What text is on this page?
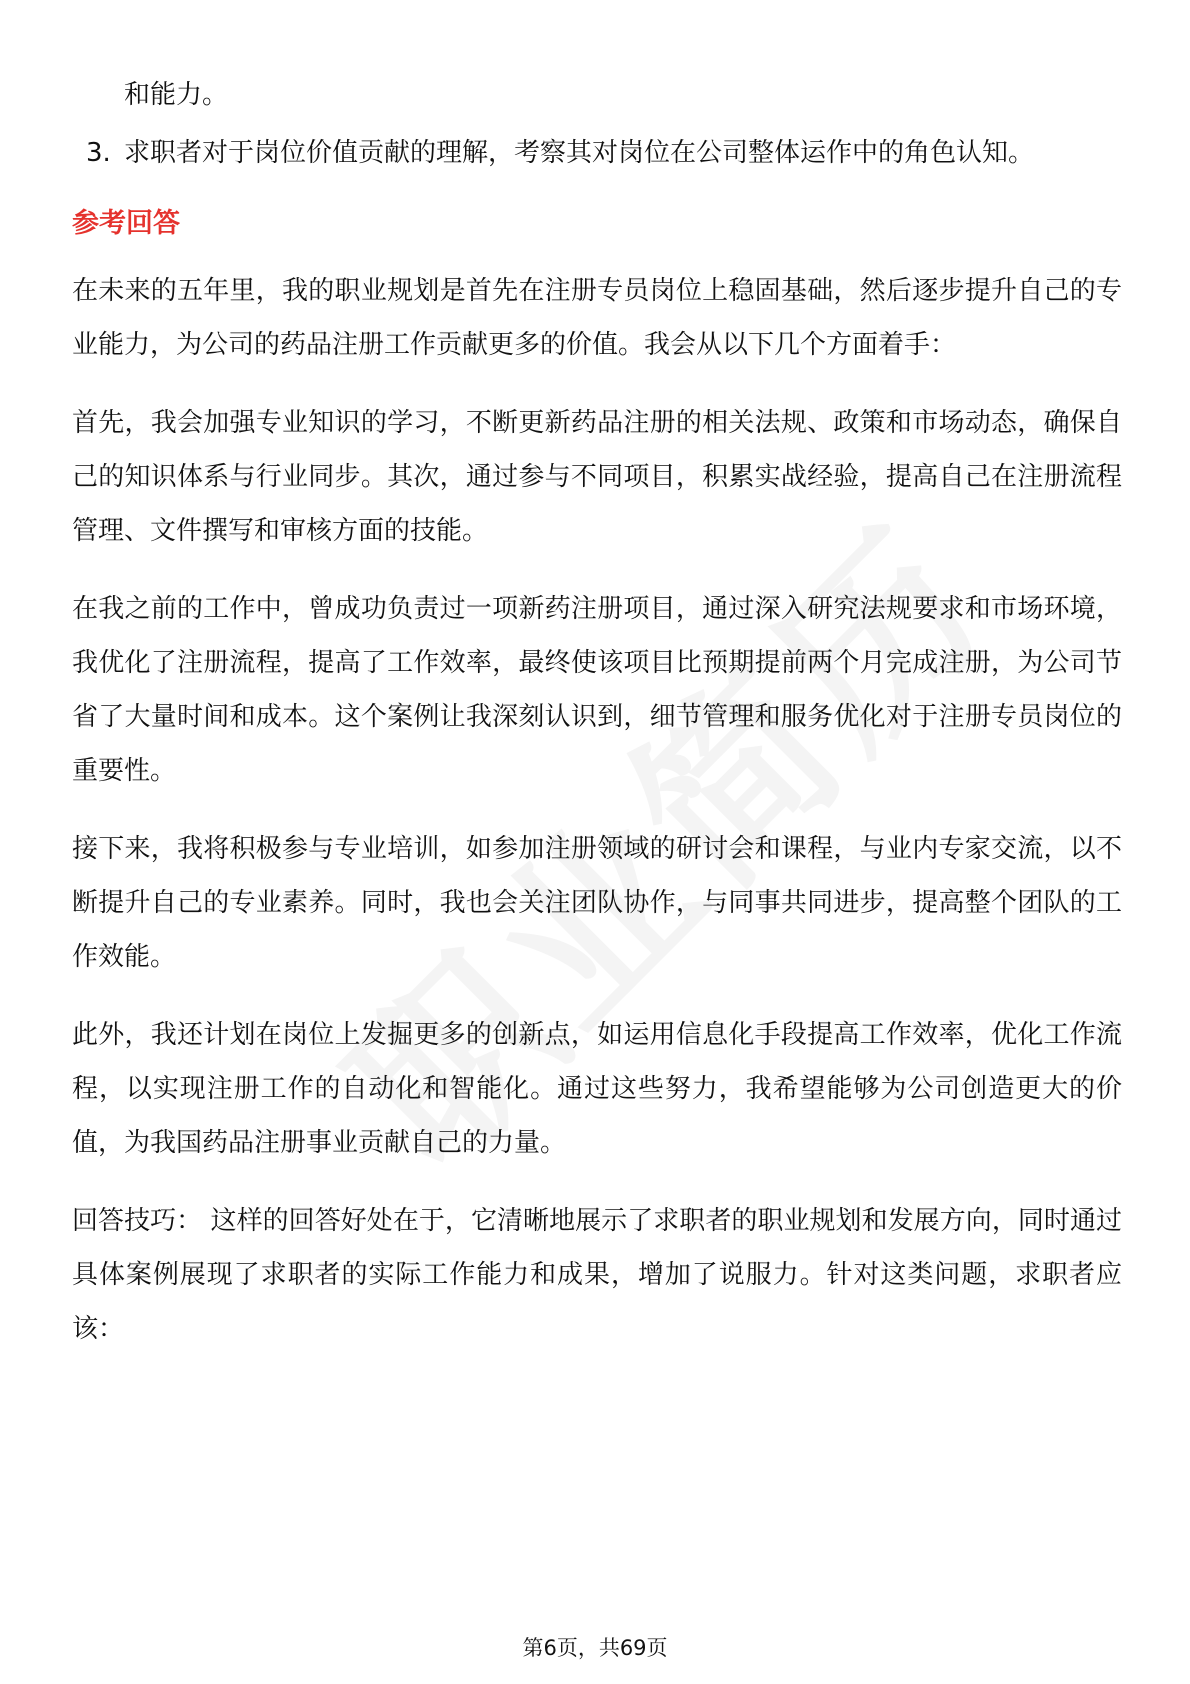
和能力。
3. 求职者对于岗位价值贡献的理解，考察其对岗位在公司整体运作中的角色认知。
参考回答
在未来的五年里，我的职业规划是首先在注册专员岗位上稳固基础，然后逐步提升自己的专业能力，为公司的药品注册工作贡献更多的价值。我会从以下几个方面着手：
首先，我会加强专业知识的学习，不断更新药品注册的相关法规、政策和市场动态，确保自己的知识体系与行业同步。其次，通过参与不同项目，积累实战经验，提高自己在注册流程管理、文件撰写和审核方面的技能。
在我之前的工作中，曾成功负责过一项新药注册项目，通过深入研究法规要求和市场环境，我优化了注册流程，提高了工作效率，最终使该项目比预期提前两个月完成注册，为公司节省了大量时间和成本。这个案例让我深刻认识到，细节管理和服务优化对于注册专员岗位的重要性。
接下来，我将积极参与专业培训，如参加注册领域的研讨会和课程，与业内专家交流，以不断提升自己的专业素养。同时，我也会关注团队协作，与同事共同进步，提高整个团队的工作效能。
此外，我还计划在岗位上发掘更多的创新点，如运用信息化手段提高工作效率，优化工作流程，以实现注册工作的自动化和智能化。通过这些努力，我希望能够为公司创造更大的价值，为我国药品注册事业贡献自己的力量。
回答技巧： 这样的回答好处在于，它清晰地展示了求职者的职业规划和发展方向，同时通过具体案例展现了求职者的实际工作能力和成果，增加了说服力。针对这类问题，求职者应该：
第6页，共69页
